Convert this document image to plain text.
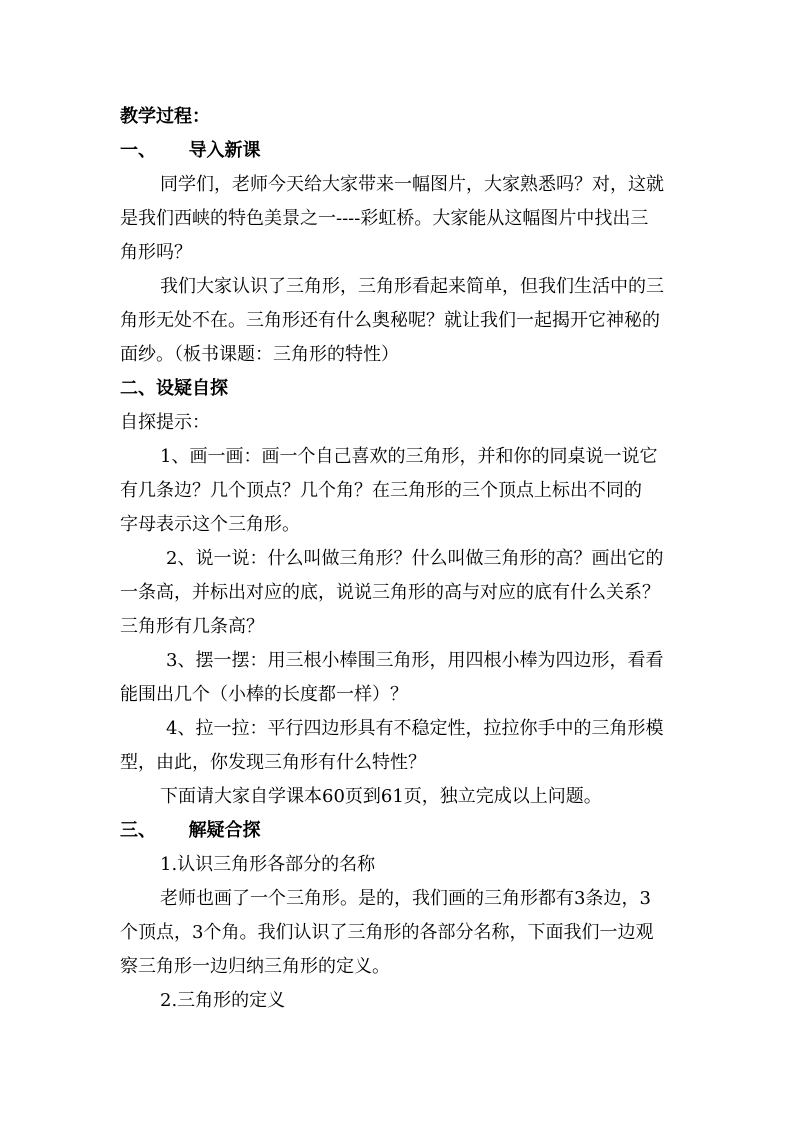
教学过程：
一、 导入新课
同学们，老师今天给大家带来一幅图片，大家熟悉吗？对，这就
是我们西峡的特色美景之一----彩虹桥。大家能从这幅图片中找出三
角形吗？
我们大家认识了三角形，三角形看起来简单，但我们生活中的三
角形无处不在。三角形还有什么奥秘呢？就让我们一起揭开它神秘的
面纱。（板书课题：三角形的特性）
二、设疑自探
自探提示：
1、画一画：画一个自己喜欢的三角形，并和你的同桌说一说它
有几条边？几个顶点？几个角？在三角形的三个顶点上标出不同的
字母表示这个三角形。
2、说一说：什么叫做三角形？什么叫做三角形的高？画出它的
一条高，并标出对应的底，说说三角形的高与对应的底有什么关系？
三角形有几条高？
3、摆一摆：用三根小棒围三角形，用四根小棒为四边形，看看
能围出几个（小棒的长度都一样）？
4、拉一拉：平行四边形具有不稳定性，拉拉你手中的三角形模
型，由此，你发现三角形有什么特性？
下面请大家自学课本60页到61页，独立完成以上问题。
三、 解疑合探
1.认识三角形各部分的名称
老师也画了一个三角形。是的，我们画的三角形都有3条边，3
个顶点，3个角。我们认识了三角形的各部分名称，下面我们一边观
察三角形一边归纳三角形的定义。
2.三角形的定义
